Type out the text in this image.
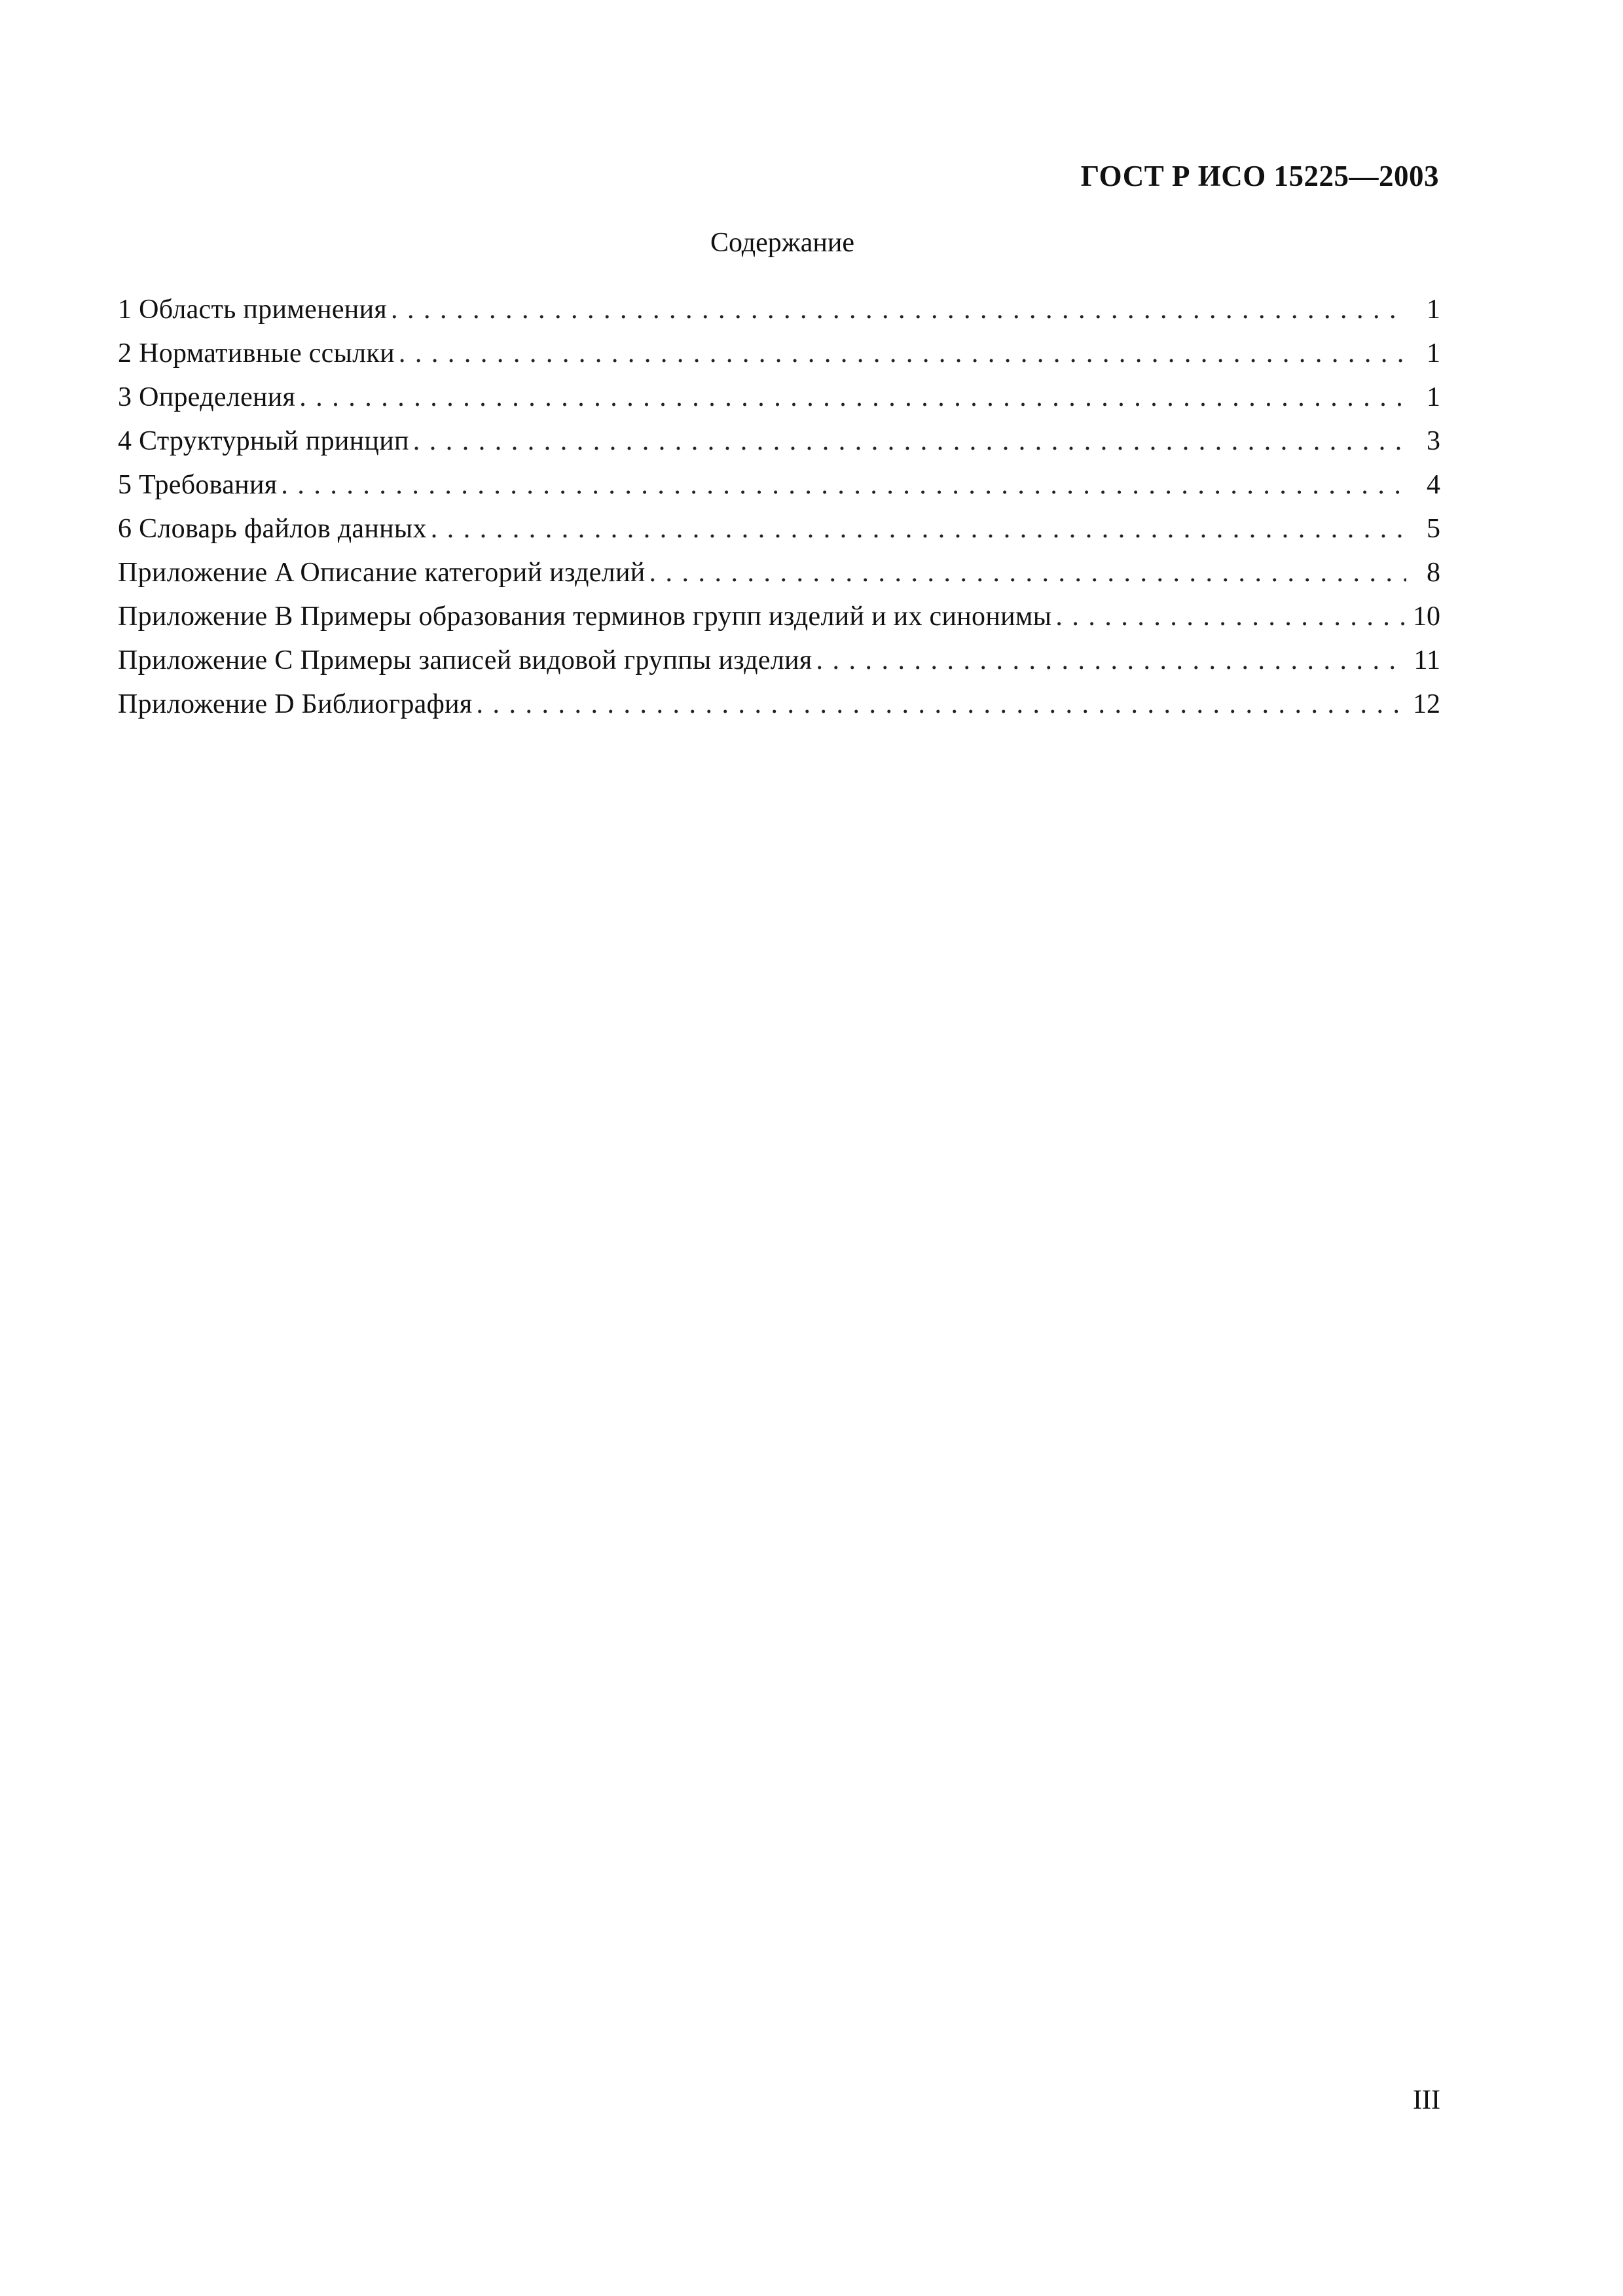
ГОСТ Р ИСО 15225—2003
Содержание
1 Область применения . . .	1
2 Нормативные ссылки . . .	1
3 Определения . . .	1
4 Структурный принцип . . .	3
5 Требования . . .	4
6 Словарь файлов данных . . .	5
Приложение A Описание категорий изделий . . .	8
Приложение B Примеры образования терминов групп изделий и их синонимы . . .	10
Приложение C Примеры записей видовой группы изделия . . .	11
Приложение D Библиография . . .	12
III
